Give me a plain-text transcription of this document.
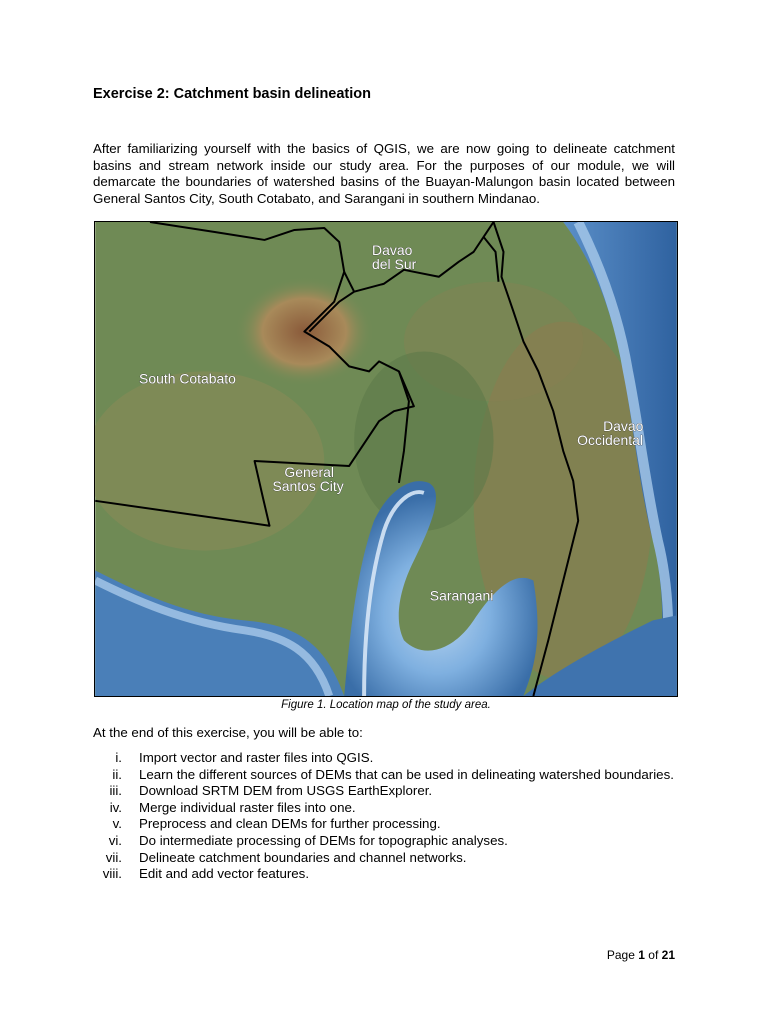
Exercise 2: Catchment basin delineation

After familiarizing yourself with the basics of QGIS, we are now going to delineate catchment basins and stream network inside our study area. For the purposes of our module, we will demarcate the boundaries of watershed basins of the Buayan-Malungon basin located between General Santos City, South Cotabato, and Sarangani in southern Mindanao.

Davao
del Sur
South Cotabato
Davao
Occidental
General
Santos City
Sarangani

Figure 1. Location map of the study area.

At the end of this exercise, you will be able to:

i. Import vector and raster files into QGIS.
ii. Learn the different sources of DEMs that can be used in delineating watershed boundaries.
iii. Download SRTM DEM from USGS EarthExplorer.
iv. Merge individual raster files into one.
v. Preprocess and clean DEMs for further processing.
vi. Do intermediate processing of DEMs for topographic analyses.
vii. Delineate catchment boundaries and channel networks.
viii. Edit and add vector features.

Page 1 of 21
